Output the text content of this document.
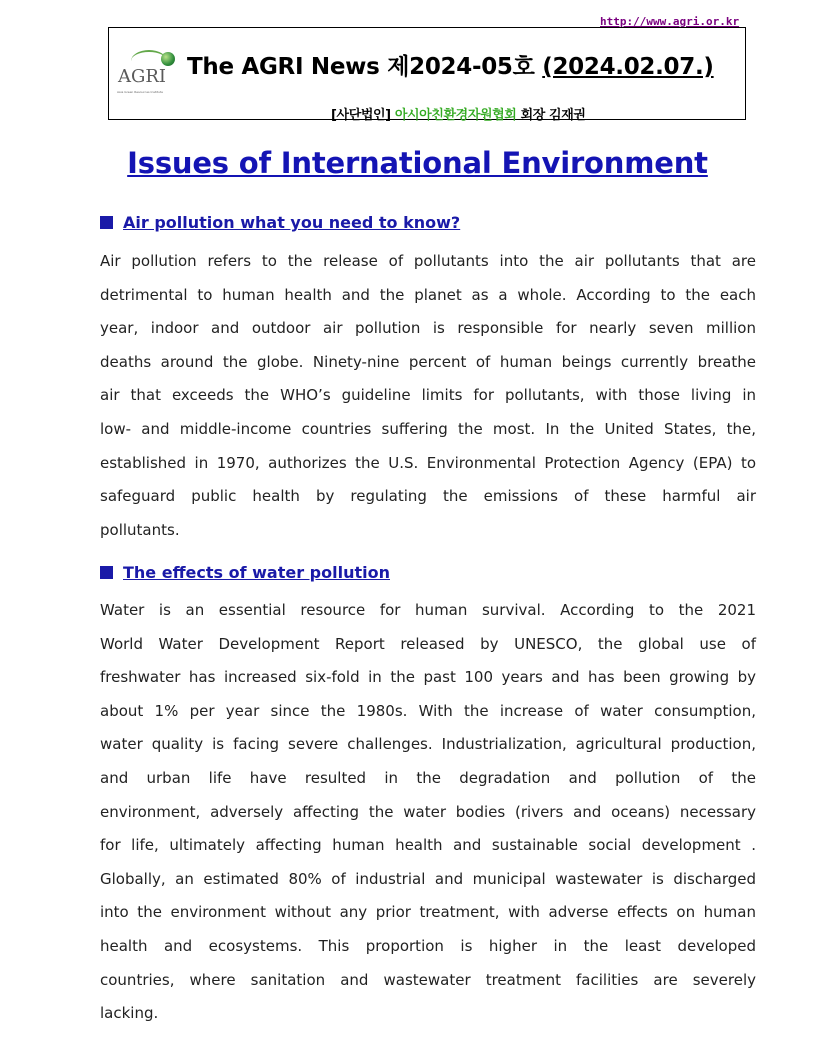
http://www.agri.or.kr
AGRI
Asia Green Resources Institute
The AGRI News 제2024-05호 (2024.02.07.)
[사단법인] 아시아친환경자원협회 회장 김재권
Issues of International Environment
Air pollution what you need to know?
Air pollution refers to the release of pollutants into the air pollutants that are
detrimental to human health and the planet as a whole. According to the each
year, indoor and outdoor air pollution is responsible for nearly seven million
deaths around the globe. Ninety-nine percent of human beings currently breathe
air that exceeds the WHO’s guideline limits for pollutants, with those living in
low- and middle-income countries suffering the most. In the United States, the,
established in 1970, authorizes the U.S. Environmental Protection Agency (EPA) to
safeguard public health by regulating the emissions of these harmful air
pollutants.
The effects of water pollution
Water is an essential resource for human survival. According to the 2021
World Water Development Report released by UNESCO, the global use of
freshwater has increased six-fold in the past 100 years and has been growing by
about 1% per year since the 1980s. With the increase of water consumption,
water quality is facing severe challenges. Industrialization, agricultural production,
and urban life have resulted in the degradation and pollution of the
environment, adversely affecting the water bodies (rivers and oceans) necessary
for life, ultimately affecting human health and sustainable social development .
Globally, an estimated 80% of industrial and municipal wastewater is discharged
into the environment without any prior treatment, with adverse effects on human
health and ecosystems. This proportion is higher in the least developed
countries, where sanitation and wastewater treatment facilities are severely
lacking.
